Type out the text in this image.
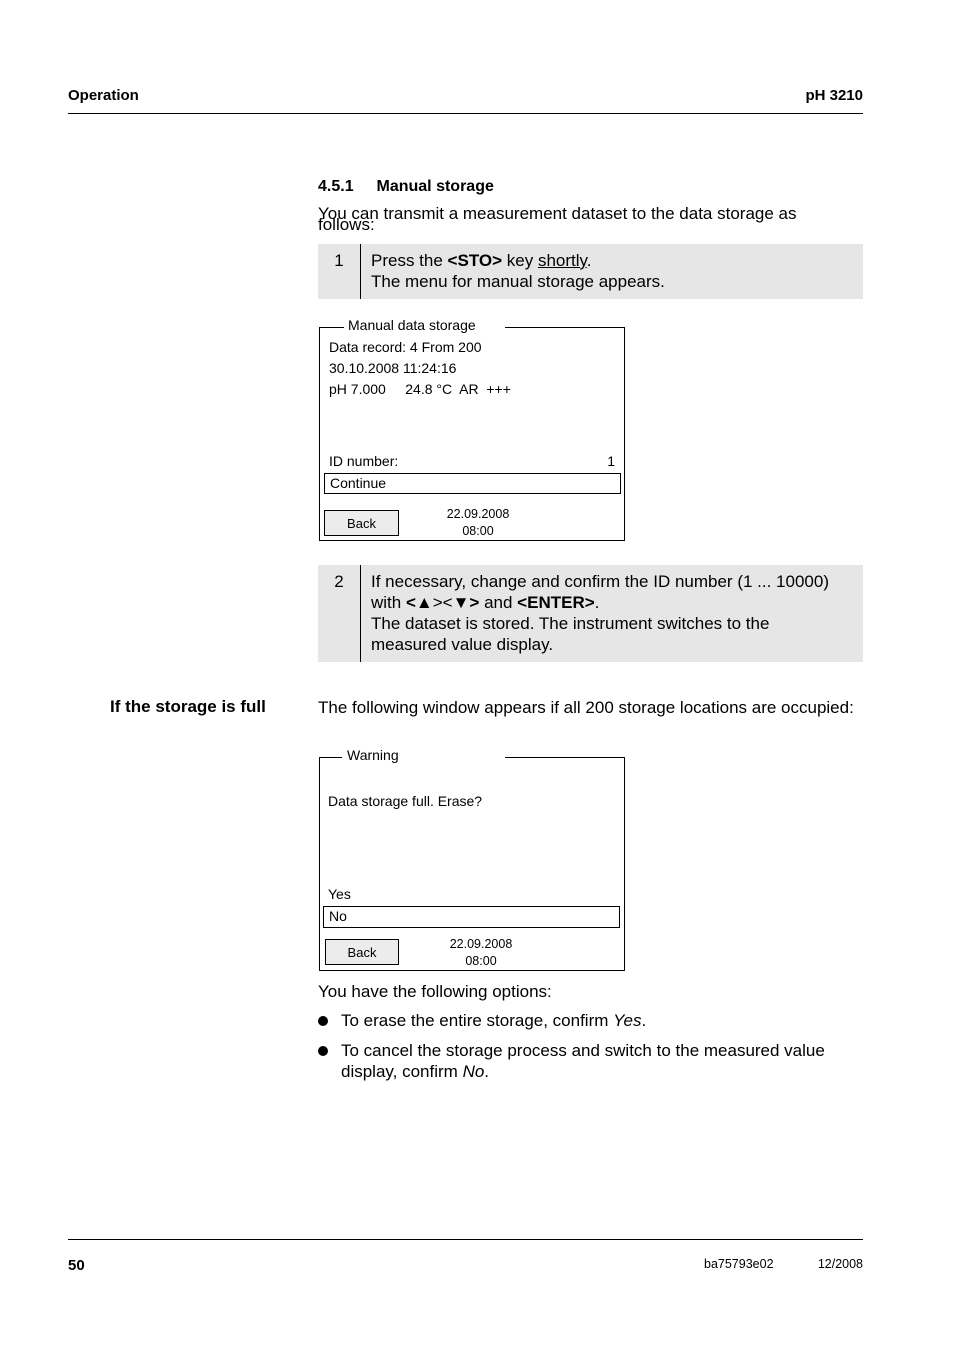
Operation	pH 3210
4.5.1 Manual storage
You can transmit a measurement dataset to the data storage as follows:
1	Press the <STO> key shortly.
The menu for manual storage appears.
Manual data storage
Data record: 4 From 200
30.10.2008 11:24:16
pH 7.000     24.8 °C  AR  +++
ID number:	1
Continue
Back
22.09.2008
08:00
2	If necessary, change and confirm the ID number (1 ... 10000)
with <▲><▼> and <ENTER>.
The dataset is stored. The instrument switches to the
measured value display.
If the storage is full	The following window appears if all 200 storage locations are occupied:
Warning
Data storage full. Erase?
Yes
No
Back
22.09.2008
08:00
You have the following options:
To erase the entire storage, confirm Yes.
To cancel the storage process and switch to the measured value
display, confirm No.
50	ba75793e02	12/2008
